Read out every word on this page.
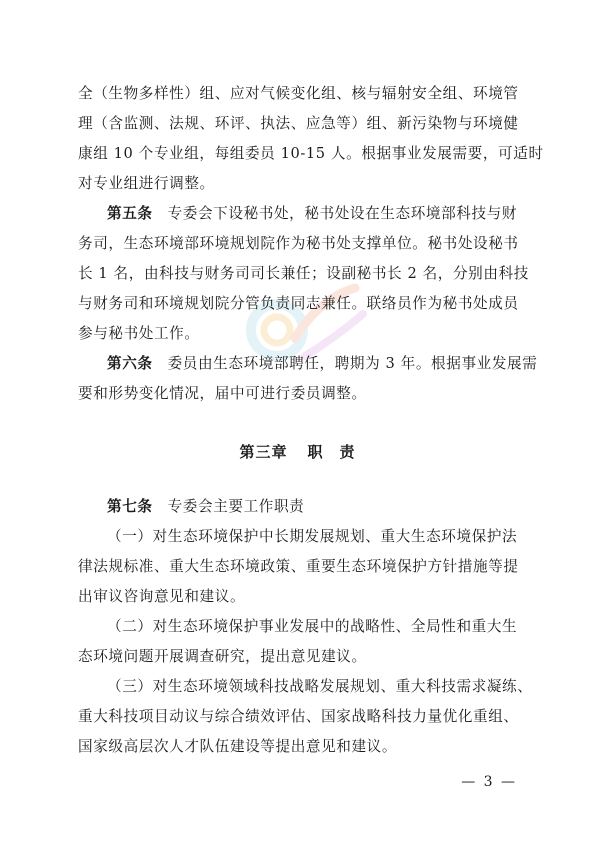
全（生物多样性）组、应对气候变化组、核与辐射安全组、环境管
理（含监测、法规、环评、执法、应急等）组、新污染物与环境健
康组 10 个专业组，每组委员 10-15 人。根据事业发展需要，可适时
对专业组进行调整。
第五条 专委会下设秘书处，秘书处设在生态环境部科技与财
务司，生态环境部环境规划院作为秘书处支撑单位。秘书处设秘书
长 1 名，由科技与财务司司长兼任；设副秘书长 2 名，分别由科技
与财务司和环境规划院分管负责同志兼任。联络员作为秘书处成员
参与秘书处工作。
第六条 委员由生态环境部聘任，聘期为 3 年。根据事业发展需
要和形势变化情况，届中可进行委员调整。
第三章 职　责
第七条 专委会主要工作职责
（一）对生态环境保护中长期发展规划、重大生态环境保护法
律法规标准、重大生态环境政策、重要生态环境保护方针措施等提
出审议咨询意见和建议。
（二）对生态环境保护事业发展中的战略性、全局性和重大生
态环境问题开展调查研究，提出意见建议。
（三）对生态环境领域科技战略发展规划、重大科技需求凝练、
重大科技项目动议与综合绩效评估、国家战略科技力量优化重组、
国家级高层次人才队伍建设等提出意见和建议。
— 3 —
